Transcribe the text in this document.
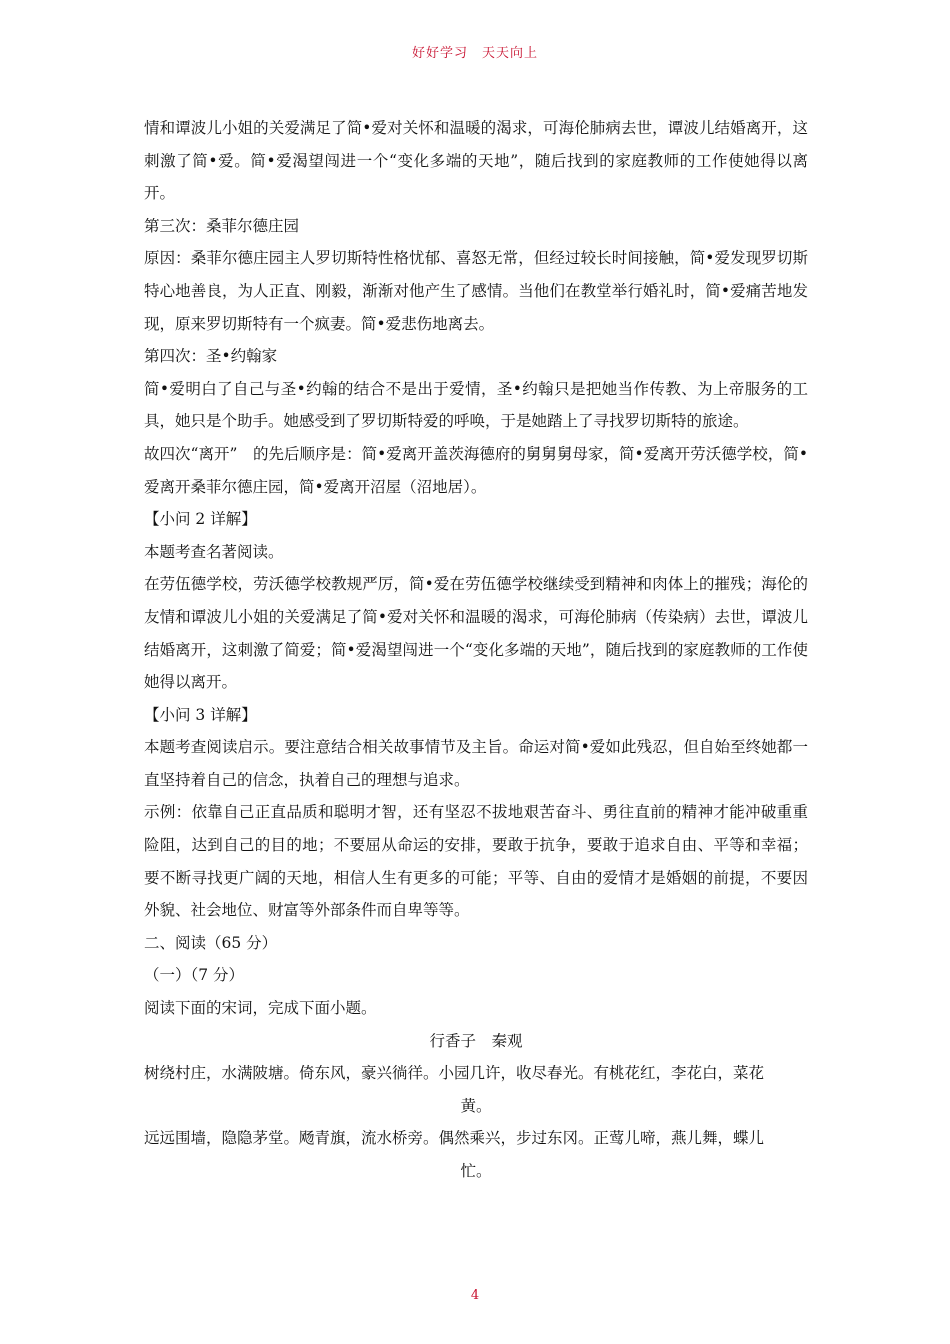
好好学习　天天向上

情和谭波儿小姐的关爱满足了简•爱对关怀和温暖的渴求，可海伦肺病去世，谭波儿结婚离开，这刺激了简•爱。简•爱渴望闯进一个“变化多端的天地”，随后找到的家庭教师的工作使她得以离开。

第三次：桑菲尔德庄园

原因：桑菲尔德庄园主人罗切斯特性格忧郁、喜怒无常，但经过较长时间接触，简•爱发现罗切斯特心地善良，为人正直、刚毅，渐渐对他产生了感情。当他们在教堂举行婚礼时，简•爱痛苦地发现，原来罗切斯特有一个疯妻。简•爱悲伤地离去。

第四次：圣•约翰家

简•爱明白了自己与圣•约翰的结合不是出于爱情，圣•约翰只是把她当作传教、为上帝服务的工具，她只是个助手。她感受到了罗切斯特爱的呼唤，于是她踏上了寻找罗切斯特的旅途。

故四次“离开”　的先后顺序是：简•爱离开盖茨海德府的舅舅舅母家，简•爱离开劳沃德学校，简•爱离开桑菲尔德庄园，简•爱离开沼屋（沼地居）。

【小问 2 详解】

本题考查名著阅读。

在劳伍德学校，劳沃德学校教规严厉，简•爱在劳伍德学校继续受到精神和肉体上的摧残；海伦的友情和谭波儿小姐的关爱满足了简•爱对关怀和温暖的渴求，可海伦肺病（传染病）去世，谭波儿结婚离开，这刺激了简爱；简•爱渴望闯进一个“变化多端的天地”，随后找到的家庭教师的工作使她得以离开。

【小问 3 详解】

本题考查阅读启示。要注意结合相关故事情节及主旨。命运对简•爱如此残忍，但自始至终她都一直坚持着自己的信念，执着自己的理想与追求。

示例：依靠自己正直品质和聪明才智，还有坚忍不拔地艰苦奋斗、勇往直前的精神才能冲破重重险阻，达到自己的目的地；不要屈从命运的安排，要敢于抗争，要敢于追求自由、平等和幸福；要不断寻找更广阔的天地，相信人生有更多的可能；平等、自由的爱情才是婚姻的前提，不要因外貌、社会地位、财富等外部条件而自卑等等。

二、阅读（65 分）

（一）（7 分）

阅读下面的宋词，完成下面小题。

行香子　秦观

树绕村庄，水满陂塘。倚东风，豪兴徜徉。小园几许，收尽春光。有桃花红，李花白，菜花

黄。

远远围墙，隐隐茅堂。飏青旗，流水桥旁。偶然乘兴，步过东冈。正莺儿啼，燕儿舞，蝶儿

忙。

4
